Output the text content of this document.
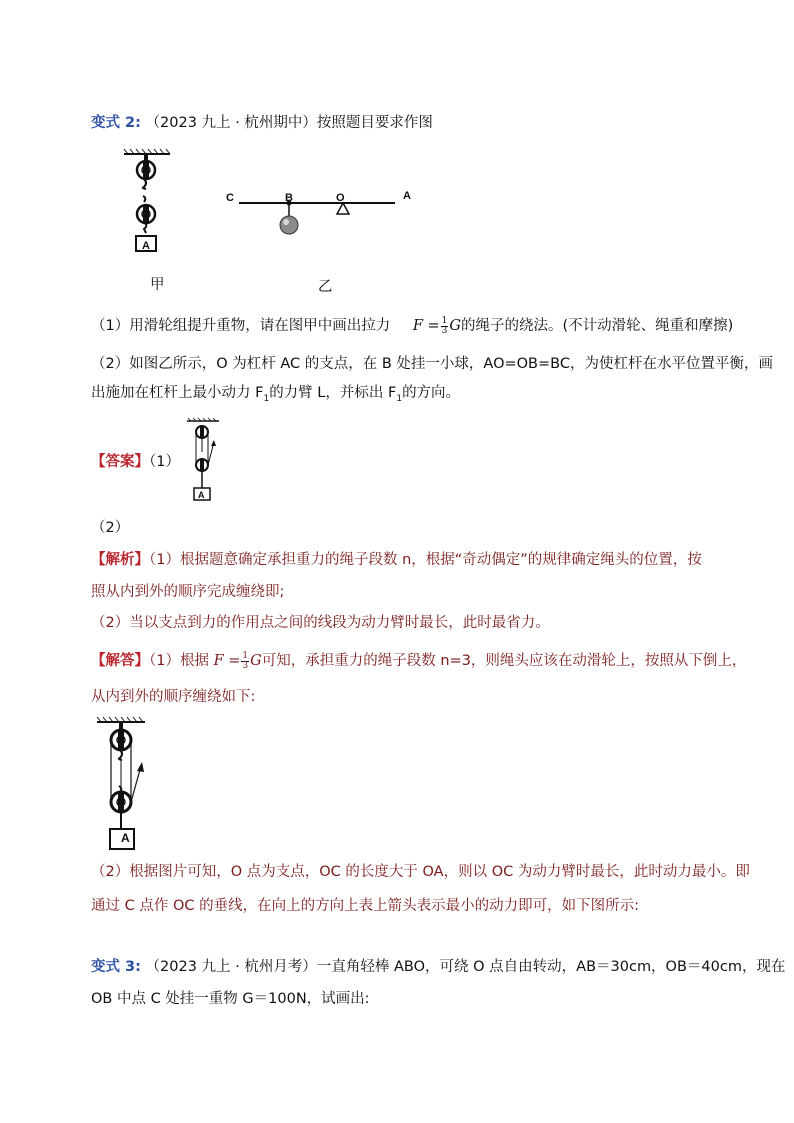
变式 2: （2023 九上 · 杭州期中）按照题目要求作图
A
甲
C	B	O	A
乙
（1）用滑轮组提升重物，请在图甲中画出拉力 $F = \frac{1}{3}$ G的绳子的绕法。(不计动滑轮、绳重和摩擦)
（2）如图乙所示，O 为杠杆 AC 的支点，在 B 处挂一小球，AO=OB=BC，为使杠杆在水平位置平衡，画
出施加在杠杆上最小动力 $F_1$的力臂 L，并标出 $F_1$的方向。
【答案】（1）
A
（2）
【解析】（1）根据题意确定承担重力的绳子段数 n，根据“奇动偶定”的规律确定绳头的位置，按
照从内到外的顺序完成缠绕即;
（2）当以支点到力的作用点之间的线段为动力臂时最长，此时最省力。
【解答】（1）根据 $F = \frac{1}{3}$ G可知，承担重力的绳子段数 n=3，则绳头应该在动滑轮上，按照从下倒上，
从内到外的顺序缠绕如下:
A
（2）根据图片可知，O 点为支点，OC 的长度大于 OA，则以 OC 为动力臂时最长，此时动力最小。即
通过 C 点作 OC 的垂线，在向上的方向上表上箭头表示最小的动力即可，如下图所示:
变式 3: （2023 九上 · 杭州月考）一直角轻棒 ABO，可绕 O 点自由转动，AB＝30cm，OB＝40cm，现在
OB 中点 C 处挂一重物 G＝100N，试画出:
